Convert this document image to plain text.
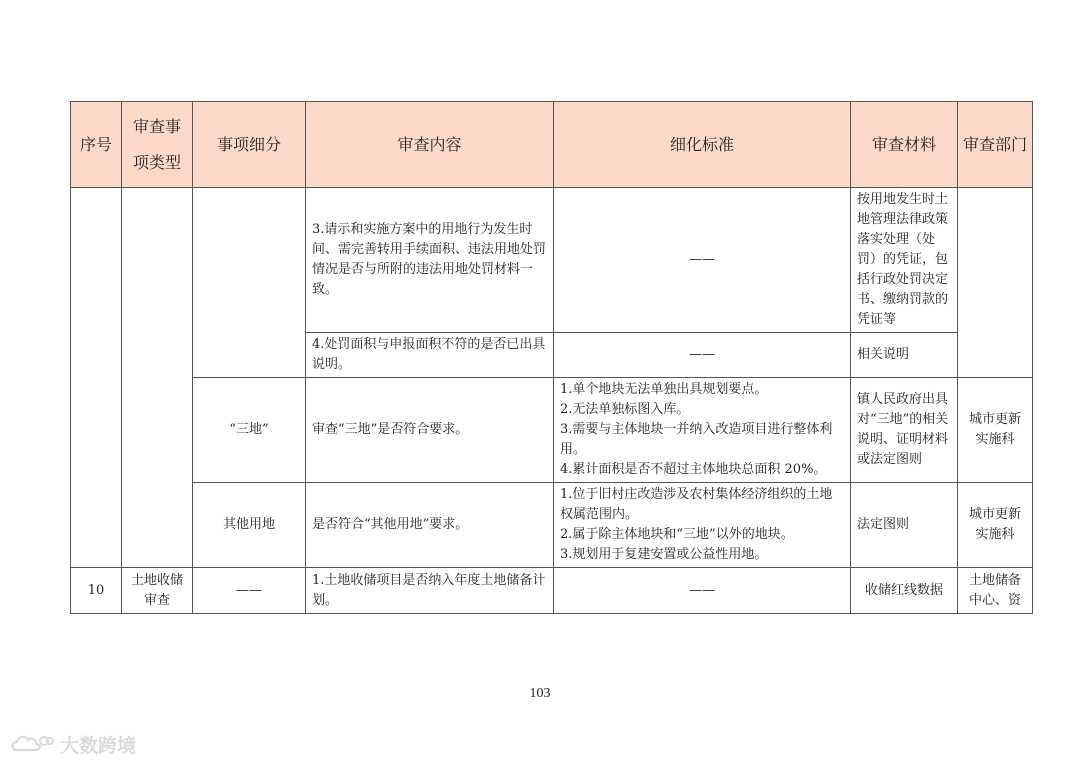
序号	审查事项类型	事项细分	审查内容	细化标准	审查材料	审查部门
			3.请示和实施方案中的用地行为发生时间、需完善转用手续面积、违法用地处罚情况是否与所附的违法用地处罚材料一致。	——	按用地发生时土地管理法律政策落实处理（处罚）的凭证，包括行政处罚决定书、缴纳罚款的凭证等	
			4.处罚面积与申报面积不符的是否已出具说明。	——	相关说明	
		“三地”	审查“三地”是否符合要求。	1.单个地块无法单独出具规划要点。
2.无法单独标图入库。
3.需要与主体地块一并纳入改造项目进行整体利用。
4.累计面积是否不超过主体地块总面积 20%。	镇人民政府出具对“三地”的相关说明、证明材料或法定图则	城市更新实施科
		其他用地	是否符合“其他用地”要求。	1.位于旧村庄改造涉及农村集体经济组织的土地权属范围内。
2.属于除主体地块和“三地”以外的地块。
3.规划用于复建安置或公益性用地。	法定图则	城市更新实施科
10	土地收储审查	——	1.土地收储项目是否纳入年度土地储备计划。	——	收储红线数据	土地储备中心、资
103
大数跨境
